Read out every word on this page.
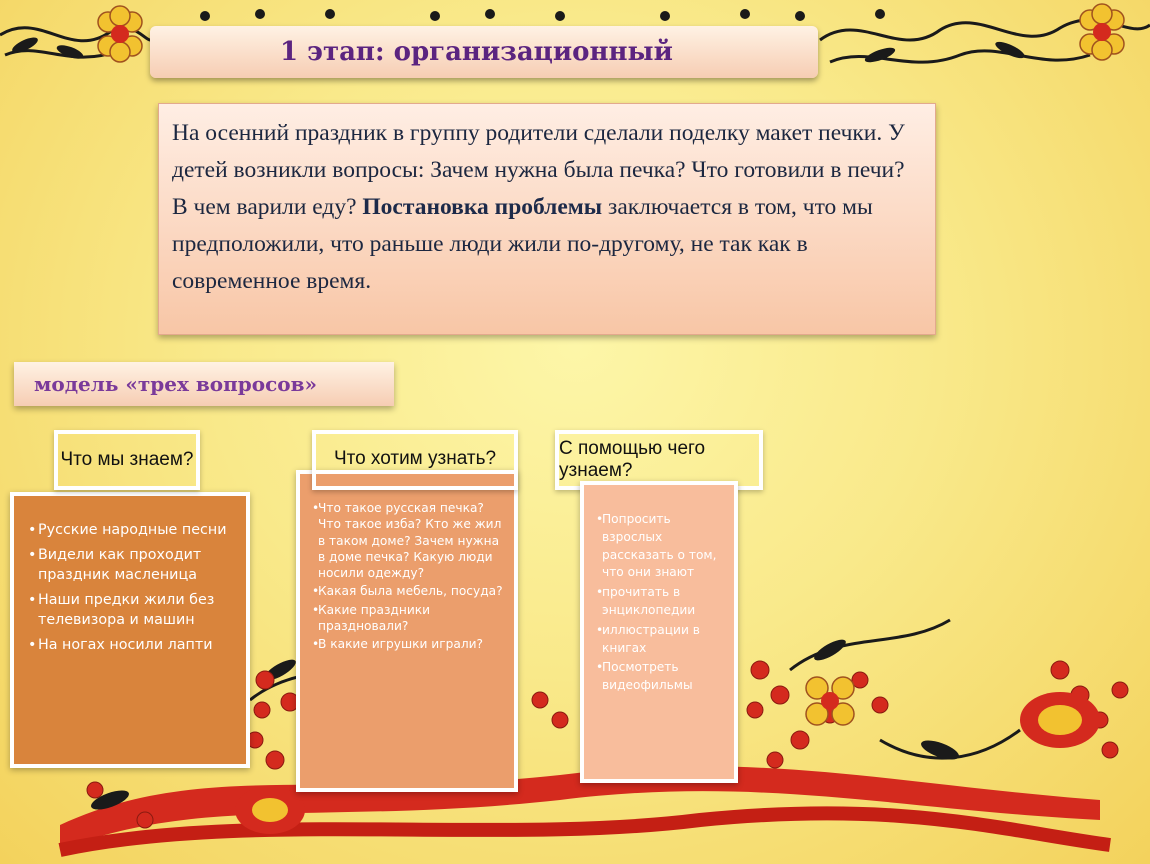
1 этап: организационный
На осенний праздник в группу родители сделали поделку макет печки. У детей возникли вопросы: Зачем нужна была печка? Что готовили в печи? В чем варили еду? Постановка проблемы заключается в том, что мы предположили, что раньше люди жили по-другому, не так как в современное время.
модель «трех вопросов»
• Русские народные песни
• Видели как проходит праздник масленица
• Наши предки жили без телевизора и машин
• На ногах носили лапти
Что мы знаем?
• Что такое русская печка? Что такое изба? Кто же жил в таком доме? Зачем нужна в доме печка? Какую люди носили одежду?
• Какая была мебель, посуда?
• Какие праздники праздновали?
• В какие игрушки играли?
Что хотим узнать?	С помощью чего узнаем?
• Попросить взрослых рассказать о том, что они знают
• прочитать в энциклопедии
• иллюстрации в книгах
• Посмотреть видеофильмы
